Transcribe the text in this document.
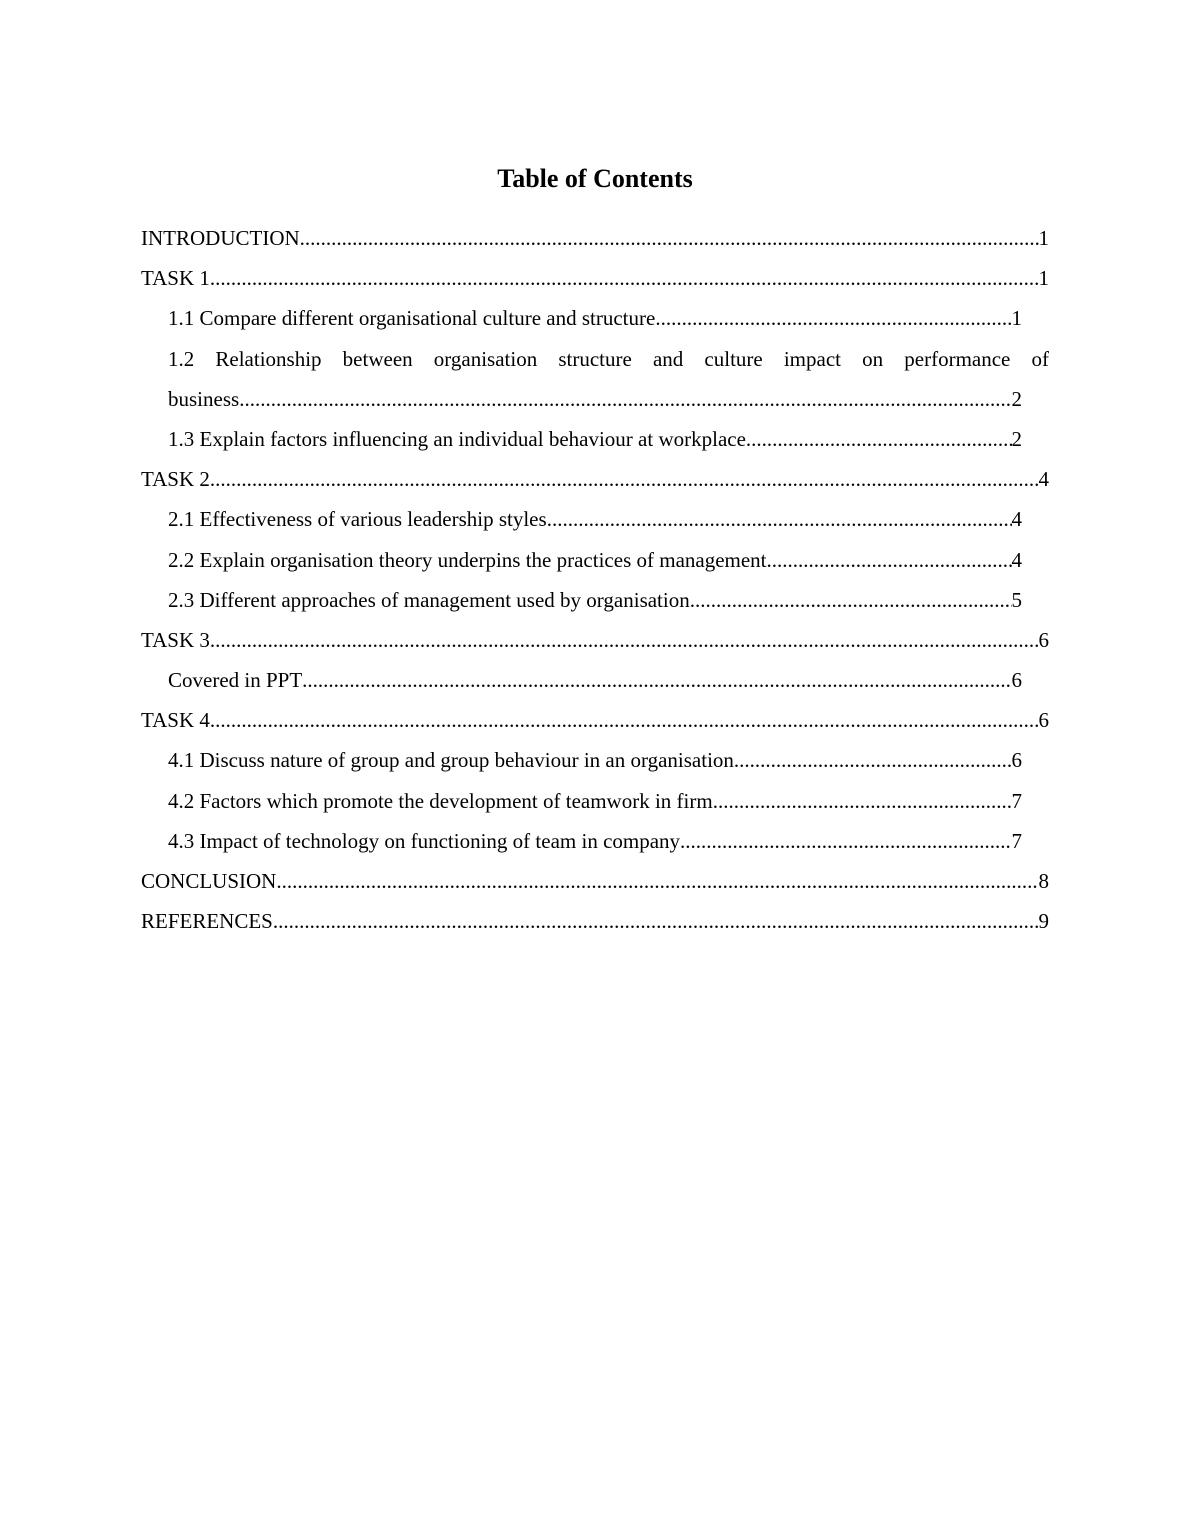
Table of Contents
INTRODUCTION .....	1
TASK 1 .....	1
1.1 Compare different organisational culture and structure .....	1
1.2 Relationship between organisation structure and culture impact on performance of
business .....	2
1.3 Explain factors influencing an individual behaviour at workplace .....	2
TASK 2 .....	4
2.1 Effectiveness of various leadership styles .....	4
2.2 Explain organisation theory underpins the practices of management .....	4
2.3 Different approaches of management used by organisation .....	5
TASK 3 .....	6
Covered in PPT .....	6
TASK 4 .....	6
4.1 Discuss nature of group and group behaviour in an organisation .....	6
4.2 Factors which promote the development of teamwork in firm .....	7
4.3 Impact of technology on functioning of team in company .....	7
CONCLUSION .....	8
REFERENCES .....	9
